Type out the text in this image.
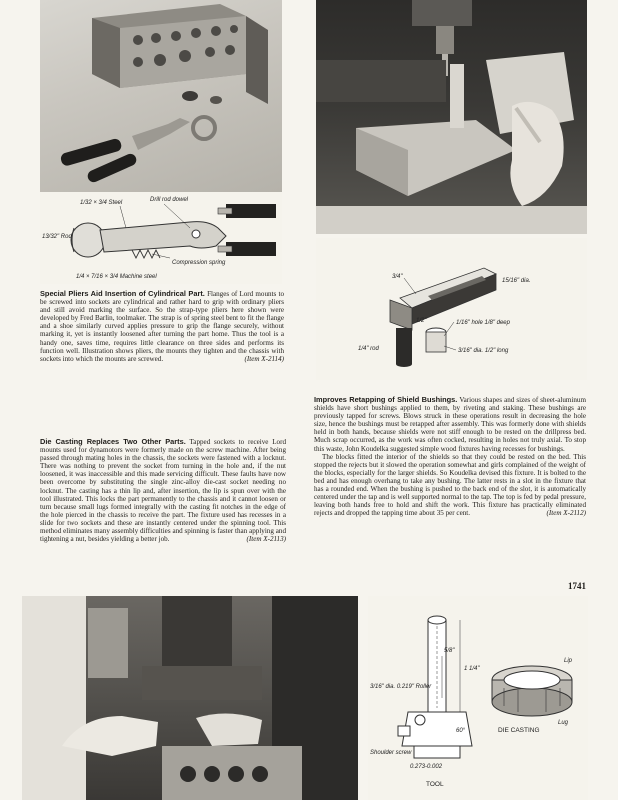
Drill rod dowel
1/32 × 3/4 Steel
13/32" Rod
Compression spring
1/4 × 7/16 × 3/4 Machine steel
Special Pliers Aid Insertion of Cylindrical Part. Flanges of Lord mounts to be screwed into sockets are cylindrical and rather hard to grip with ordinary pliers and still avoid marking the surface. So the strap-type pliers here shown were developed by Fred Barlin, toolmaker. The strap is of spring steel bent to fit the flange and a shoe similarly curved applies pressure to grip the flange securely, without marking it, yet is instantly loosened after turning the part home. Thus the tool is a handy one, saves time, requires little clearance on three sides and performs its function well. Illustration shows pliers, the mounts they tighten and the chassis with sockets into which the mounts are screwed.	(Item X-2114)
3/4"
1/2"
15/16" dia.
1/16" hole 1/8" deep
3/16" dia. 1/2" long
1/4" rod

Improves Retapping of Shield Bushings. Various shapes and sizes of sheet-aluminum shields have short bushings applied to them, by riveting and staking. These bushings are previously tapped for screws. Blows struck in these operations result in decreasing the hole size, hence the bushings must be retapped after assembly. This was formerly done with shields held in both hands, because shields were not stiff enough to be rested on the drillpress bed. Much scrap occurred, as the work was often cocked, resulting in holes not truly axial. To stop this waste, John Koudelka suggested simple wood fixtures having recesses for bushings.

The blocks fitted the interior of the shields so that they could be rested on the bed. This stopped the rejects but it slowed the operation somewhat and girls complained of the weight of the blocks, especially for the larger shields. So Koudelka devised this fixture. It is bolted to the bed and has enough overhang to take any bushing. The latter rests in a slot in the fixture that has a rounded end. When the bushing is pushed to the back end of the slot, it is automatically centered under the tap and is well supported normal to the tap. The top is fed by pedal pressure, leaving both hands free to hold and shift the work. This fixture has practically eliminated rejects and dropped the tapping time about 35 per cent.	(Item X-2112)

1741
Die Casting Replaces Two Other Parts. Tapped sockets to receive Lord mounts used for dynamotors were formerly made on the screw machine. After being passed through mating holes in the chassis, the sockets were fastened with a locknut. There was nothing to prevent the socket from turning in the hole and, if the nut loosened, it was inaccessible and this made servicing difficult. These faults have now been overcome by substituting the single zinc-alloy die-cast socket needing no locknut. The casting has a thin lip and, after insertion, the lip is spun over with the tool illustrated. This locks the part permanently to the chassis and it cannot loosen or turn because small lugs formed integrally with the casting fit notches in the edge of the hole pierced in the chassis to receive the part. The fixture used has recesses in a slide for two sockets and these are instantly centered under the spinning tool. This method eliminates many assembly difficulties and spinning is faster than applying and tightening a nut, besides yielding a better job.	(Item X-2113)
3/16" dia. 0.219" Roller
1 1/4"
5/8"
60°
Shoulder screw
0.273-0.002
TOOL
Lip
Lug
DIE CASTING
